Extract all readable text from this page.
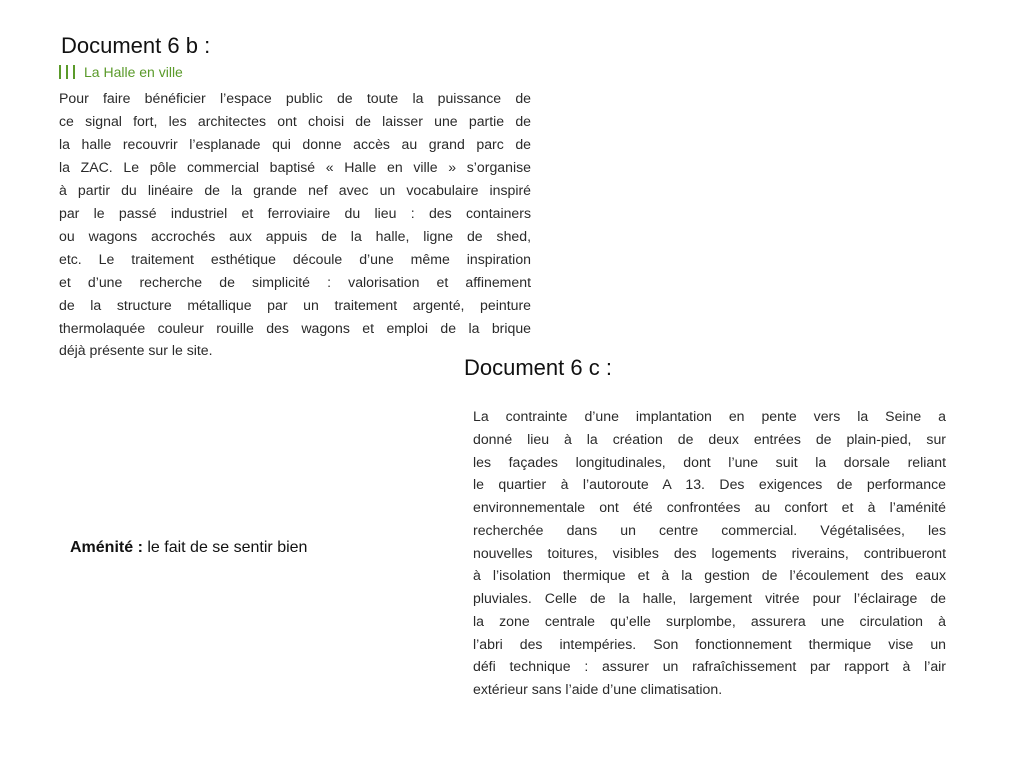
Document 6 b :
La Halle en ville

Pour faire bénéficier l’espace public de toute la puissance de
ce signal fort, les architectes ont choisi de laisser une partie de
la halle recouvrir l’esplanade qui donne accès au grand parc de
la ZAC. Le pôle commercial baptisé « Halle en ville » s’organise
à partir du linéaire de la grande nef avec un vocabulaire inspiré
par le passé industriel et ferroviaire du lieu : des containers
ou wagons accrochés aux appuis de la halle, ligne de shed,
etc. Le traitement esthétique découle d’une même inspiration
et d’une recherche de simplicité : valorisation et affinement
de la structure métallique par un traitement argenté, peinture
thermolaquée couleur rouille des wagons et emploi de la brique
déjà présente sur le site.

Document 6 c :

La contrainte d’une implantation en pente vers la Seine a
donné lieu à la création de deux entrées de plain-pied, sur
les façades longitudinales, dont l’une suit la dorsale reliant
le quartier à l’autoroute A 13. Des exigences de performance
environnementale ont été confrontées au confort et à l’aménité
recherchée dans un centre commercial. Végétalisées, les
nouvelles toitures, visibles des logements riverains, contribueront
à l’isolation thermique et à la gestion de l’écoulement des eaux
pluviales. Celle de la halle, largement vitrée pour l’éclairage de
la zone centrale qu’elle surplombe, assurera une circulation à
l’abri des intempéries. Son fonctionnement thermique vise un
défi technique : assurer un rafraîchissement par rapport à l’air
extérieur sans l’aide d’une climatisation.

Aménité : le fait de se sentir bien
